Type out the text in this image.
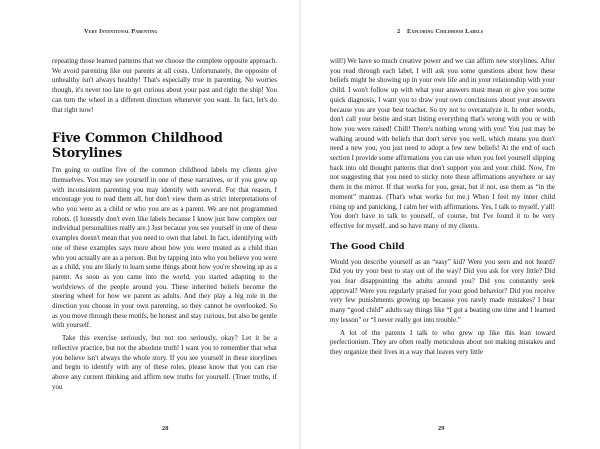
Very Intentional Parenting

repeating those learned patterns that we choose the complete opposite approach. We avoid parenting like our parents at all costs. Unfortunately, the opposite of unhealthy isn't always healthy! That's especially true in parenting. No worries though, it's never too late to get curious about your past and right the ship! You can turn the wheel in a different direction whenever you want. In fact, let's do that right now!

Five Common Childhood Storylines

I'm going to outline five of the common childhood labels my clients give themselves. You may see yourself in one of these narratives, or if you grew up with inconsistent parenting you may identify with several. For that reason, I encourage you to read them all, but don't view them as strict interpretations of who you were as a child or who you are as a parent. We are not programmed robots. (I honestly don't even like labels because I know just how complex our individual personalities really are.) Just because you see yourself in one of these examples doesn't mean that you need to own that label. In fact, identifying with one of these examples says more about how you were treated as a child than who you actually are as a person. But by tapping into who you believe you were as a child, you are likely to learn some things about how you're showing up as a parent. As soon as you came into the world, you started adapting to the worldviews of the people around you. These inherited beliefs become the steering wheel for how we parent as adults. And they play a big role in the direction you choose in your own parenting, so they cannot be overlooked. So as you move through these motifs, be honest and stay curious, but also be gentle with yourself.

Take this exercise seriously, but not too seriously, okay? Let it be a reflective practice, but not the absolute truth! I want you to remember that what you believe isn't always the whole story. If you see yourself in these storylines and begin to identify with any of these roles, please know that you can rise above any current thinking and affirm new truths for yourself. (Truer truths, if you

28
2 Exploring Childhood Labels

will!) We have so much creative power and we can affirm new storylines. After you read through each label, I will ask you some questions about how these beliefs might be showing up in your own life and in your relationship with your child. I won't follow up with what your answers must mean or give you some quick diagnosis, I want you to draw your own conclusions about your answers because you are your best teacher. So try not to overanalyze it. In other words, don't call your bestie and start listing everything that's wrong with you or with how you were raised! Chill! There's nothing wrong with you! You just may be walking around with beliefs that don't serve you well, which means you don't need a new you, you just need to adopt a few new beliefs! At the end of each section I provide some affirmations you can use when you feel yourself slipping back into old thought patterns that don't support you and your child. Now, I'm not suggesting that you need to sticky note these affirmations anywhere or say them in the mirror. If that works for you, great, but if not, use them as “in the moment” mantras. (That's what works for me.) When I feel my inner child rising up and panicking, I calm her with affirmations. Yes, I talk to myself, y'all! You don't have to talk to yourself, of course, but I've found it to be very effective for myself, and so have many of my clients.

The Good Child

Would you describe yourself as an “easy” kid? Were you seen and not heard? Did you try your best to stay out of the way? Did you ask for very little? Did you fear disappointing the adults around you? Did you constantly seek approval? Were you regularly praised for your good behavior? Did you receive very few punishments growing up because you rarely made mistakes? I hear many “good child” adults say things like “I got a beating one time and I learned my lesson” or “I never really got into trouble.”

A lot of the parents I talk to who grew up like this lean toward perfectionism. They are often really meticulous about not making mistakes and they organize their lives in a way that leaves very little

29
